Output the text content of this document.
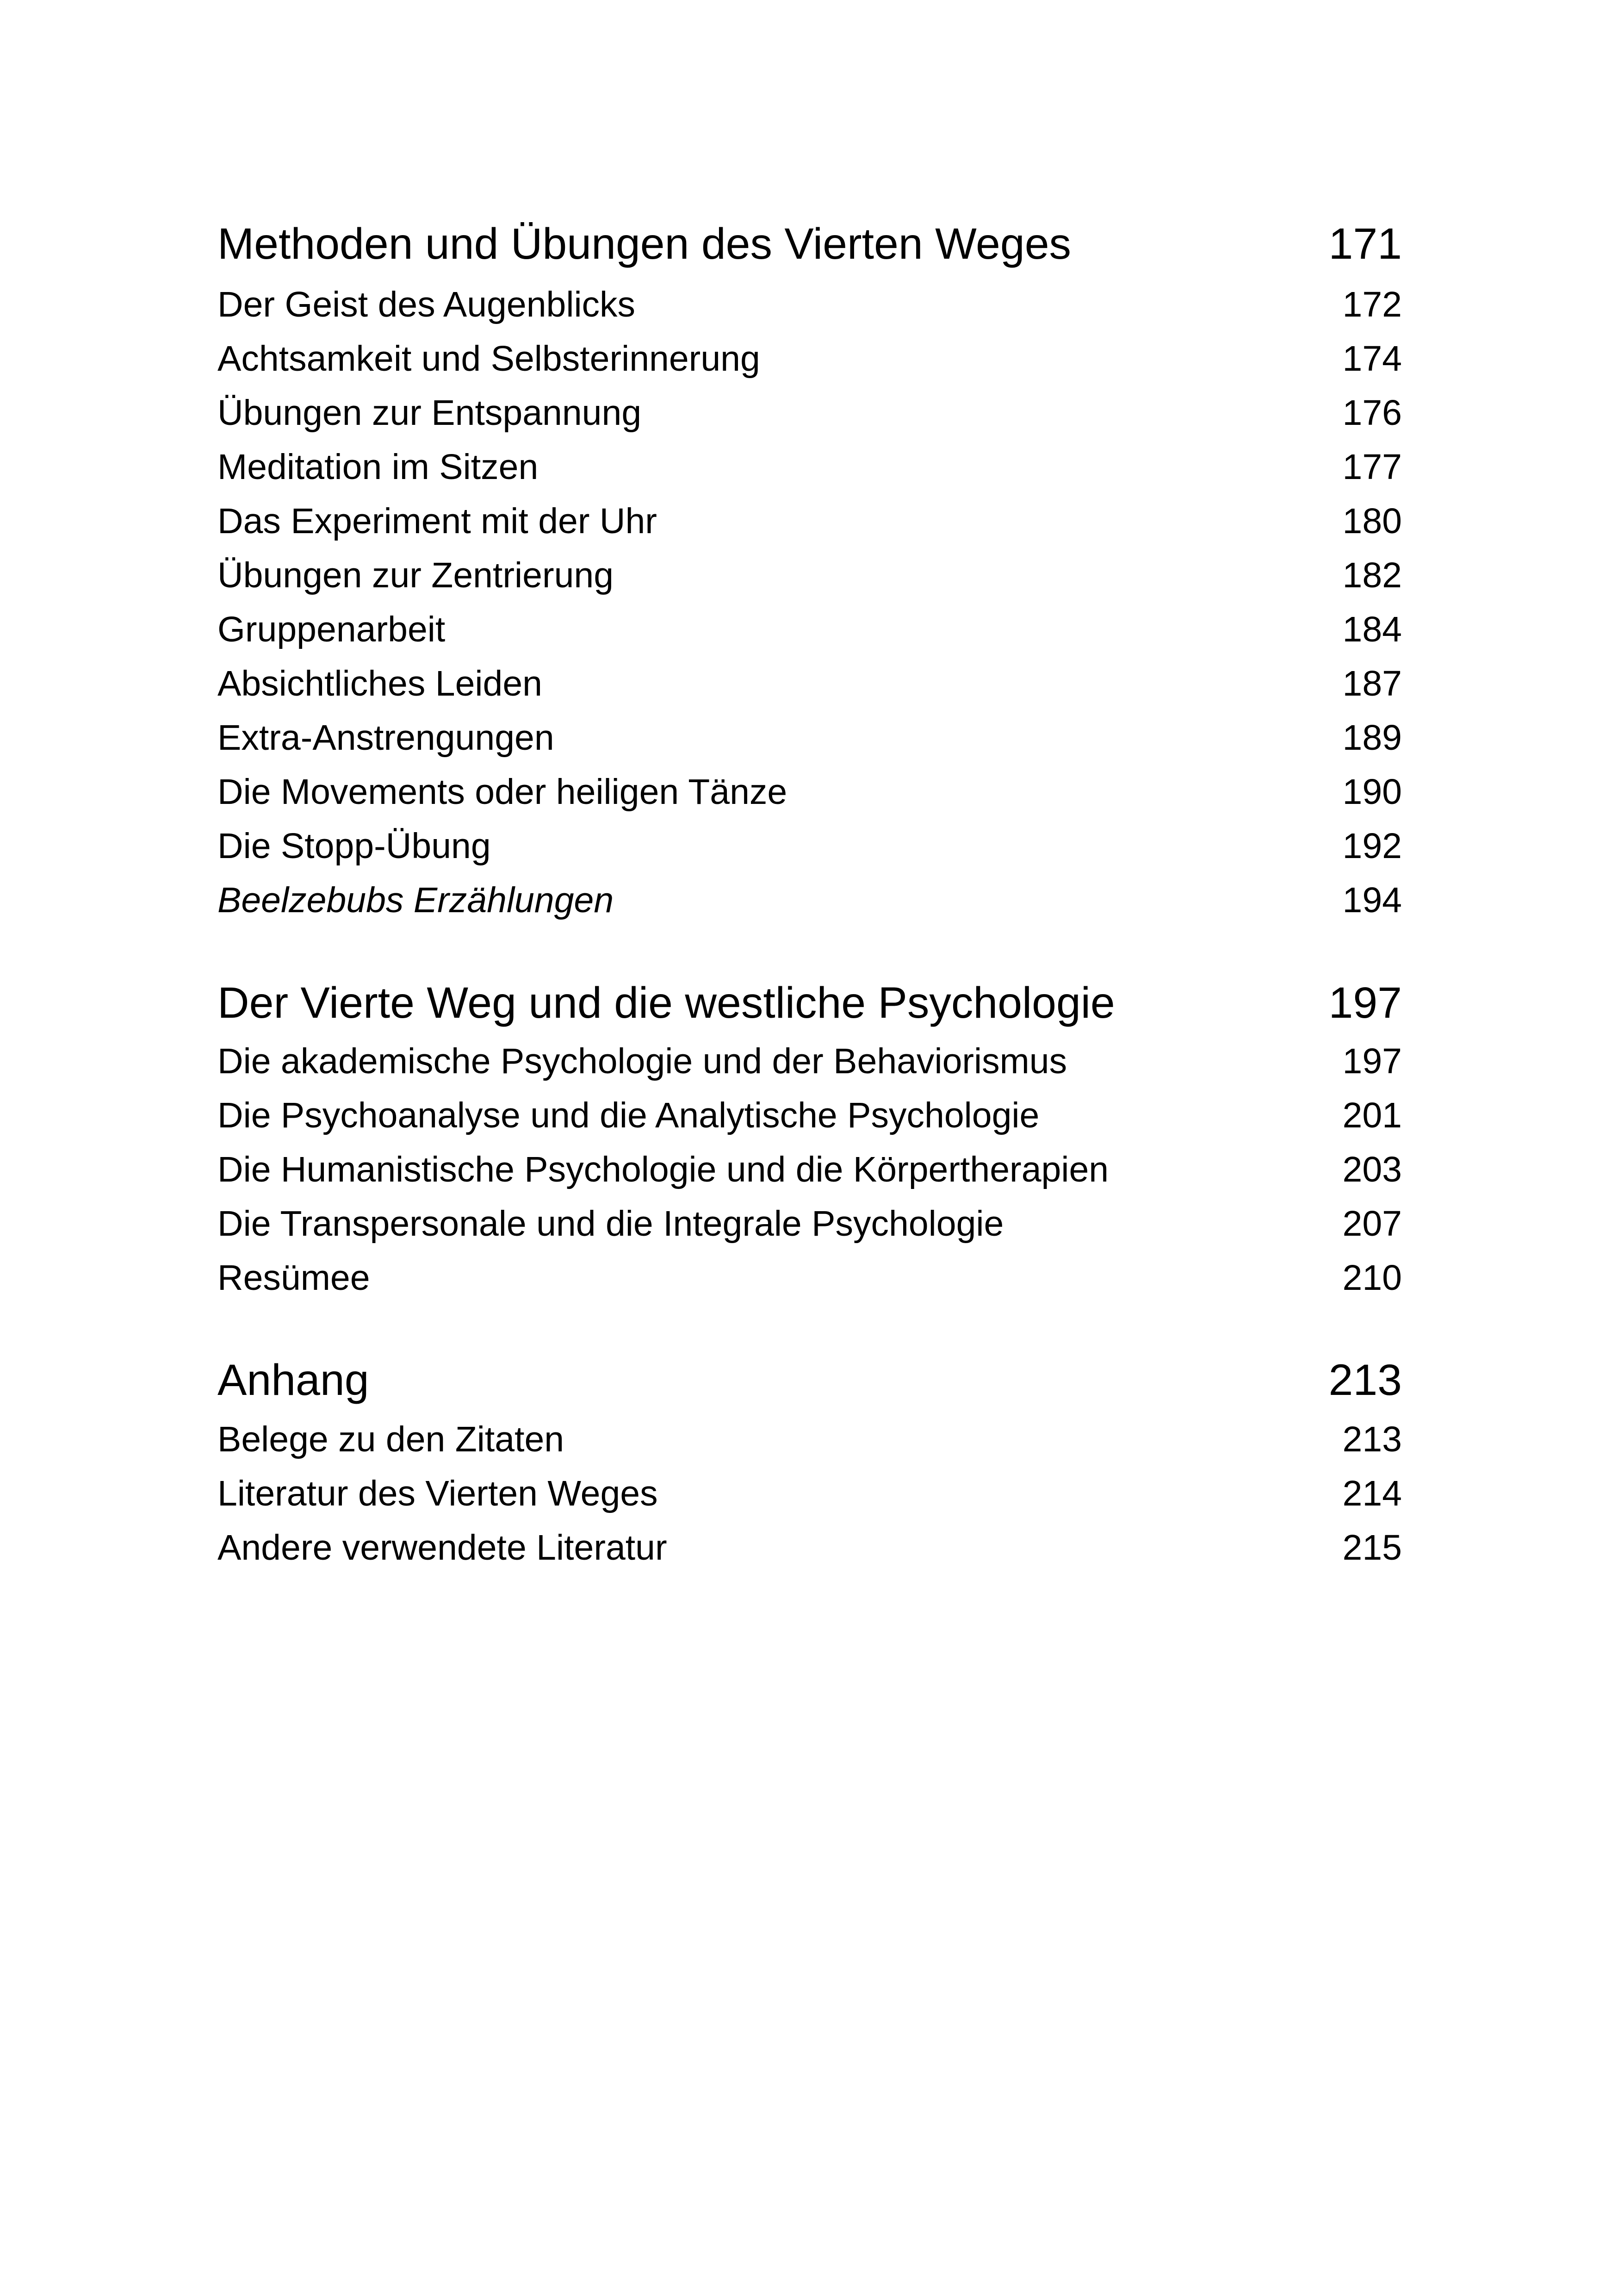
Methoden und Übungen des Vierten Weges	171
Der Geist des Augenblicks	172
Achtsamkeit und Selbsterinnerung	174
Übungen zur Entspannung	176
Meditation im Sitzen	177
Das Experiment mit der Uhr	180
Übungen zur Zentrierung	182
Gruppenarbeit	184
Absichtliches Leiden	187
Extra-Anstrengungen	189
Die Movements oder heiligen Tänze	190
Die Stopp-Übung	192
Beelzebubs Erzählungen	194
Der Vierte Weg und die westliche Psychologie	197
Die akademische Psychologie und der Behaviorismus	197
Die Psychoanalyse und die Analytische Psychologie	201
Die Humanistische Psychologie und die Körpertherapien	203
Die Transpersonale und die Integrale Psychologie	207
Resümee	210
Anhang	213
Belege zu den Zitaten	213
Literatur des Vierten Weges	214
Andere verwendete Literatur	215
